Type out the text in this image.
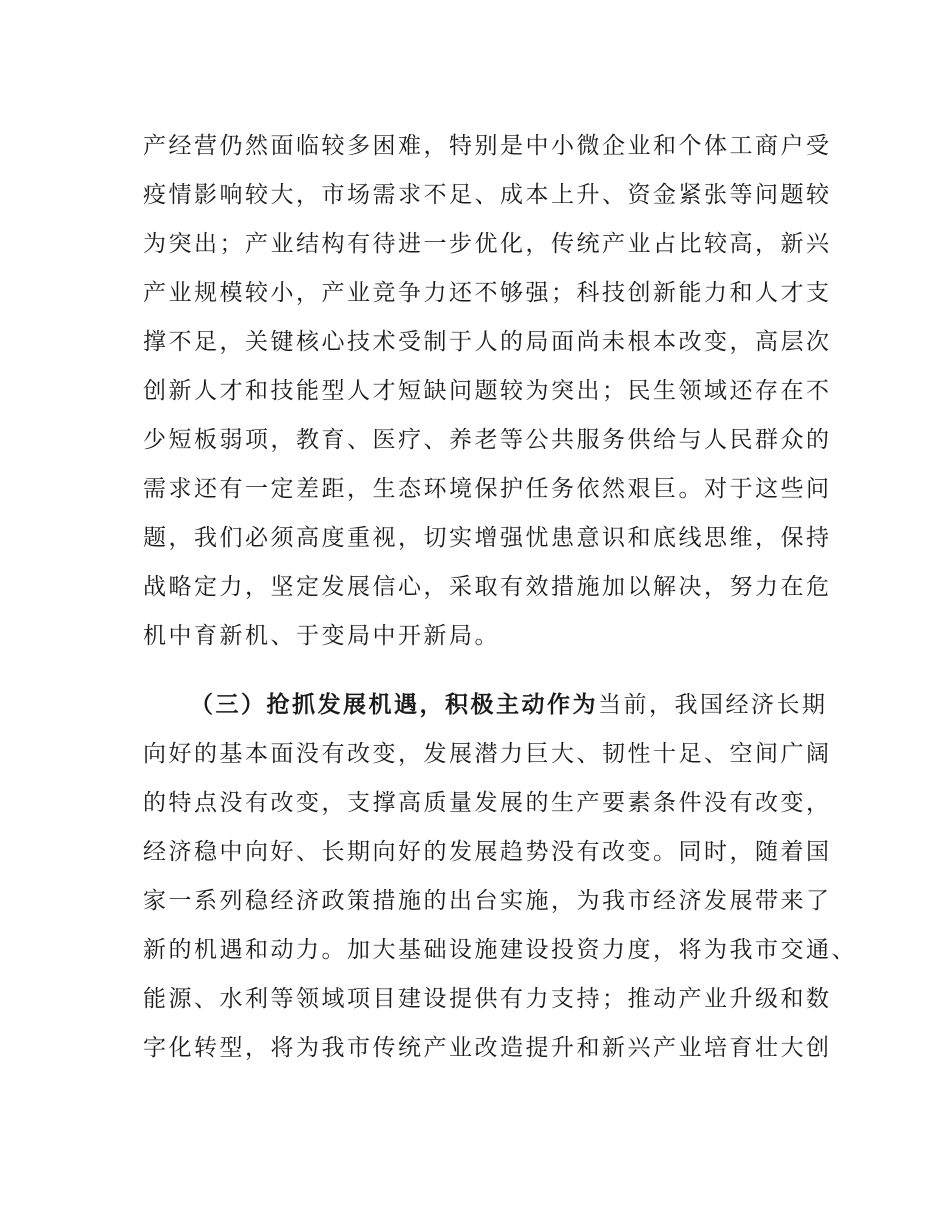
产经营仍然面临较多困难，特别是中小微企业和个体工商户受
疫情影响较大，市场需求不足、成本上升、资金紧张等问题较
为突出；产业结构有待进一步优化，传统产业占比较高，新兴
产业规模较小，产业竞争力还不够强；科技创新能力和人才支
撑不足，关键核心技术受制于人的局面尚未根本改变，高层次
创新人才和技能型人才短缺问题较为突出；民生领域还存在不
少短板弱项，教育、医疗、养老等公共服务供给与人民群众的
需求还有一定差距，生态环境保护任务依然艰巨。对于这些问
题，我们必须高度重视，切实增强忧患意识和底线思维，保持
战略定力，坚定发展信心，采取有效措施加以解决，努力在危
机中育新机、于变局中开新局。
（三）抢抓发展机遇，积极主动作为当前，我国经济长期
向好的基本面没有改变，发展潜力巨大、韧性十足、空间广阔
的特点没有改变，支撑高质量发展的生产要素条件没有改变，
经济稳中向好、长期向好的发展趋势没有改变。同时，随着国
家一系列稳经济政策措施的出台实施，为我市经济发展带来了
新的机遇和动力。加大基础设施建设投资力度，将为我市交通、
能源、水利等领域项目建设提供有力支持；推动产业升级和数
字化转型，将为我市传统产业改造提升和新兴产业培育壮大创
